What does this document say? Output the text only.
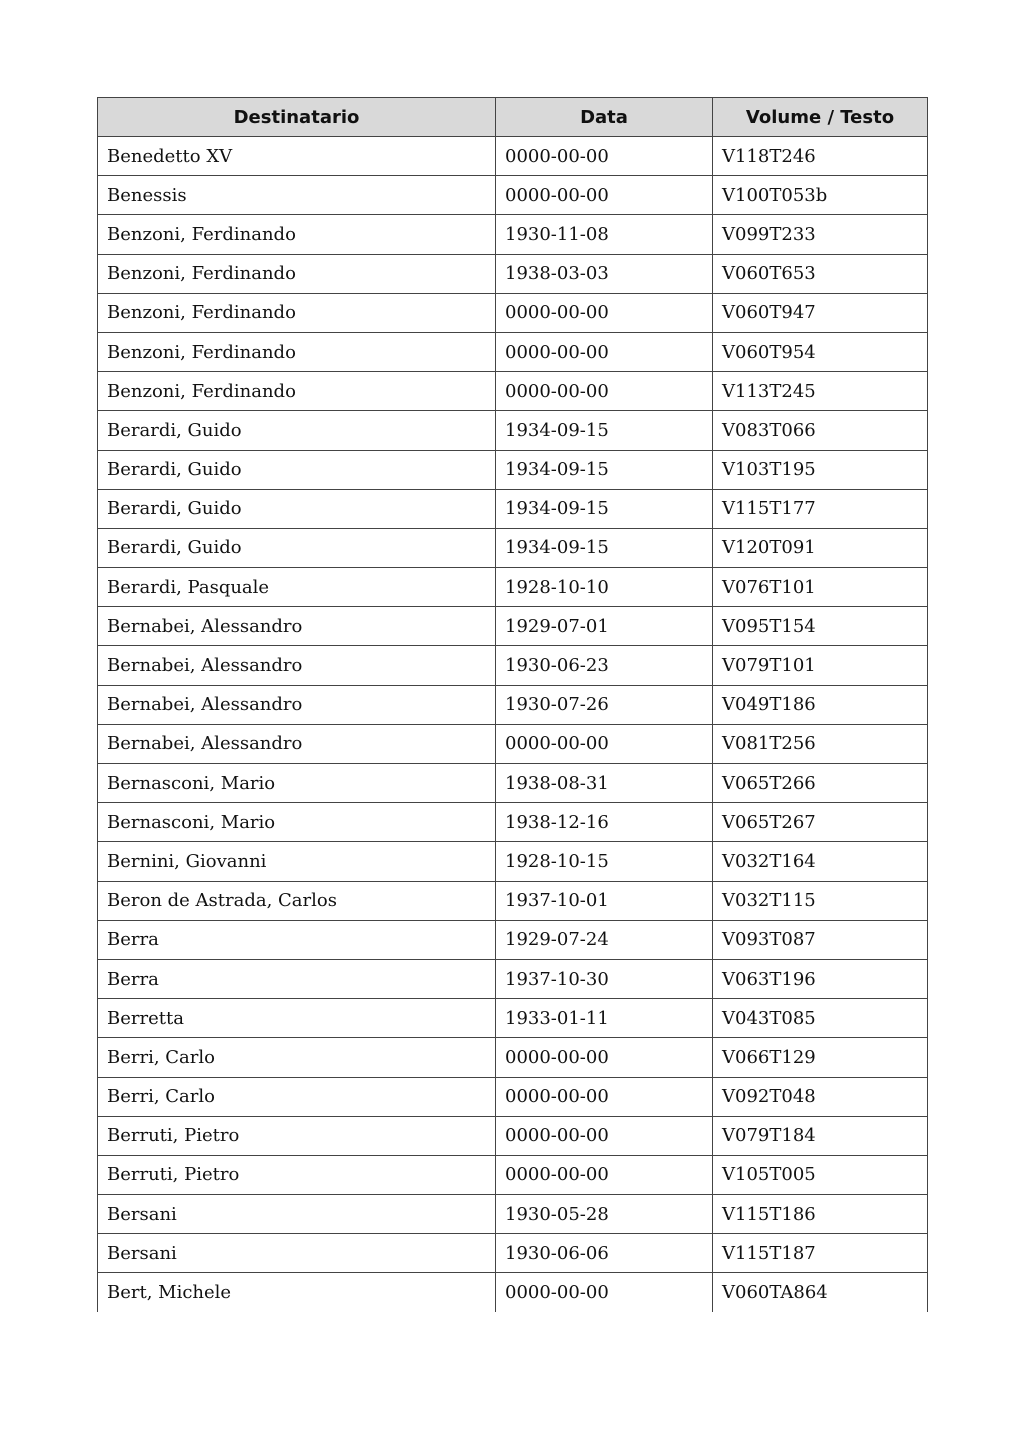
Destinatario	Data	Volume / Testo
Benedetto XV	0000-00-00	V118T246
Benessis	0000-00-00	V100T053b
Benzoni, Ferdinando	1930-11-08	V099T233
Benzoni, Ferdinando	1938-03-03	V060T653
Benzoni, Ferdinando	0000-00-00	V060T947
Benzoni, Ferdinando	0000-00-00	V060T954
Benzoni, Ferdinando	0000-00-00	V113T245
Berardi, Guido	1934-09-15	V083T066
Berardi, Guido	1934-09-15	V103T195
Berardi, Guido	1934-09-15	V115T177
Berardi, Guido	1934-09-15	V120T091
Berardi, Pasquale	1928-10-10	V076T101
Bernabei, Alessandro	1929-07-01	V095T154
Bernabei, Alessandro	1930-06-23	V079T101
Bernabei, Alessandro	1930-07-26	V049T186
Bernabei, Alessandro	0000-00-00	V081T256
Bernasconi, Mario	1938-08-31	V065T266
Bernasconi, Mario	1938-12-16	V065T267
Bernini, Giovanni	1928-10-15	V032T164
Beron de Astrada, Carlos	1937-10-01	V032T115
Berra	1929-07-24	V093T087
Berra	1937-10-30	V063T196
Berretta	1933-01-11	V043T085
Berri, Carlo	0000-00-00	V066T129
Berri, Carlo	0000-00-00	V092T048
Berruti, Pietro	0000-00-00	V079T184
Berruti, Pietro	0000-00-00	V105T005
Bersani	1930-05-28	V115T186
Bersani	1930-06-06	V115T187
Bert, Michele	0000-00-00	V060TA864
